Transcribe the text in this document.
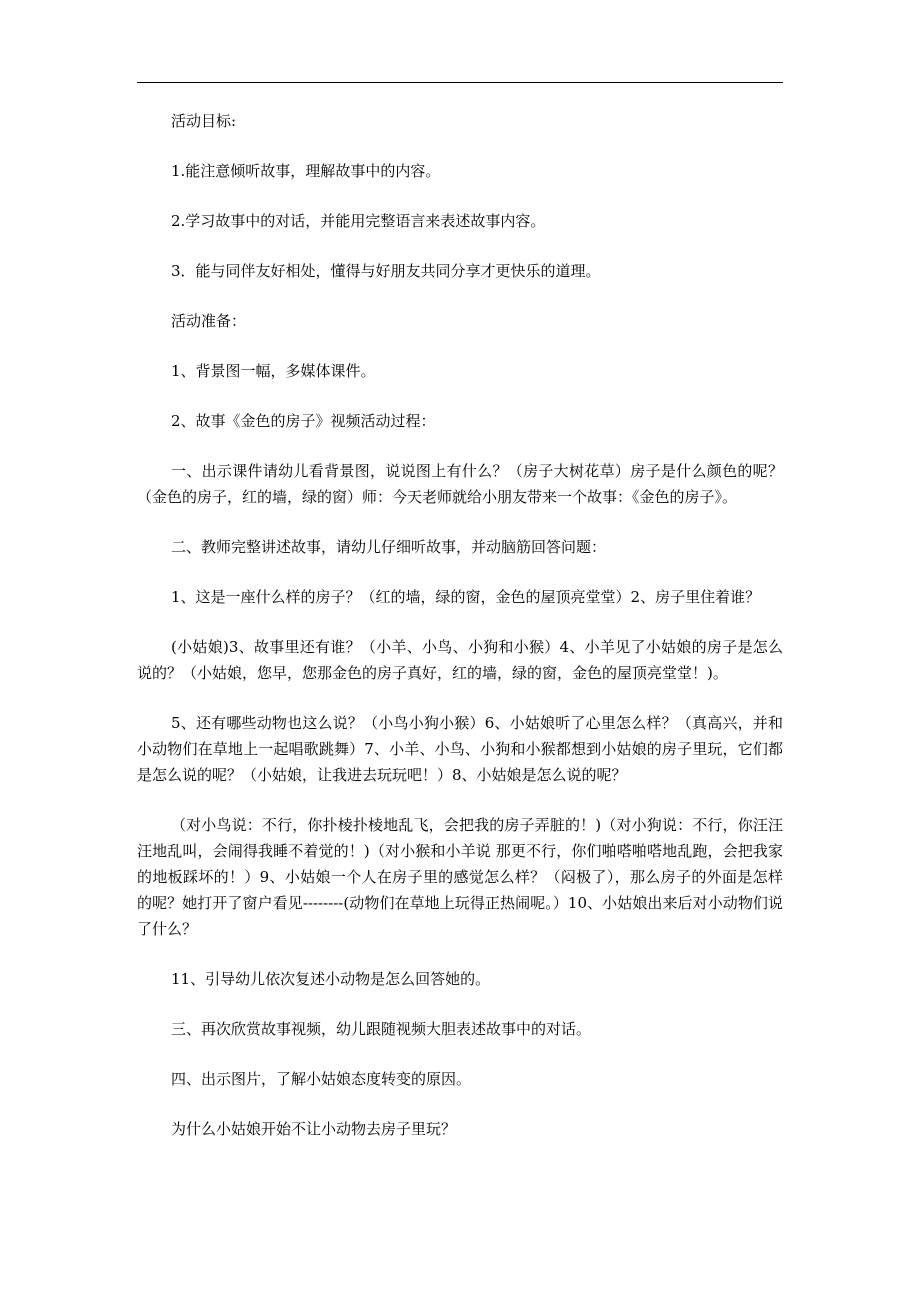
活动目标:

1.能注意倾听故事，理解故事中的内容。

2.学习故事中的对话，并能用完整语言来表述故事内容。

3．能与同伴友好相处，懂得与好朋友共同分享才更快乐的道理。

活动准备：

1、背景图一幅，多媒体课件。

2、故事《金色的房子》视频活动过程：

一、出示课件请幼儿看背景图，说说图上有什么？（房子大树花草）房子是什么颜色的呢？（金色的房子，红的墙，绿的窗）师：今天老师就给小朋友带来一个故事：《金色的房子》。

二、教师完整讲述故事，请幼儿仔细听故事，并动脑筋回答问题：

1、这是一座什么样的房子？（红的墙，绿的窗，金色的屋顶亮堂堂）2、房子里住着谁？

(小姑娘)3、故事里还有谁？（小羊、小鸟、小狗和小猴）4、小羊见了小姑娘的房子是怎么说的？（小姑娘，您早，您那金色的房子真好，红的墙，绿的窗，金色的屋顶亮堂堂！)。

5、还有哪些动物也这么说？（小鸟小狗小猴）6、小姑娘听了心里怎么样？（真高兴，并和小动物们在草地上一起唱歌跳舞）7、小羊、小鸟、小狗和小猴都想到小姑娘的房子里玩，它们都是怎么说的呢？（小姑娘，让我进去玩玩吧！）8、小姑娘是怎么说的呢？

（对小鸟说：不行，你扑棱扑棱地乱飞，会把我的房子弄脏的！)（对小狗说：不行，你汪汪汪地乱叫，会闹得我睡不着觉的！)（对小猴和小羊说 那更不行，你们啪嗒啪嗒地乱跑，会把我家的地板踩坏的！）9、小姑娘一个人在房子里的感觉怎么样？（闷极了），那么房子的外面是怎样的呢？她打开了窗户看见--------(动物们在草地上玩得正热闹呢。）10、小姑娘出来后对小动物们说了什么？

11、引导幼儿依次复述小动物是怎么回答她的。

三、再次欣赏故事视频，幼儿跟随视频大胆表述故事中的对话。

四、出示图片，了解小姑娘态度转变的原因。

为什么小姑娘开始不让小动物去房子里玩？
